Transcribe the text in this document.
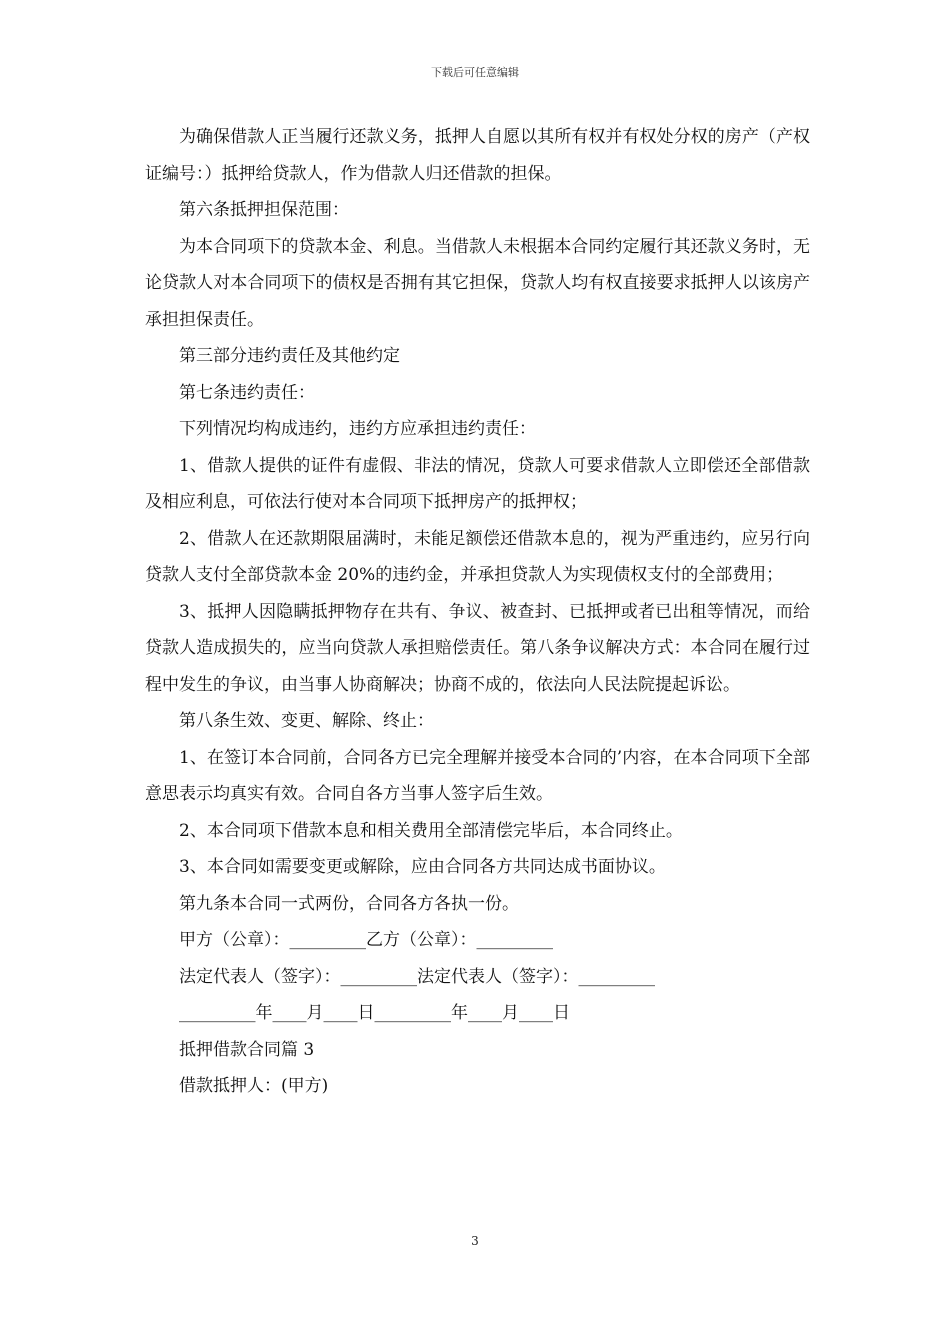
下载后可任意编辑

为确保借款人正当履行还款义务，抵押人自愿以其所有权并有权处分权的房产（产权证编号：）抵押给贷款人，作为借款人归还借款的担保。

第六条抵押担保范围：

为本合同项下的贷款本金、利息。当借款人未根据本合同约定履行其还款义务时，无论贷款人对本合同项下的债权是否拥有其它担保，贷款人均有权直接要求抵押人以该房产承担担保责任。

第三部分违约责任及其他约定

第七条违约责任：

下列情况均构成违约，违约方应承担违约责任：

1、借款人提供的证件有虚假、非法的情况，贷款人可要求借款人立即偿还全部借款及相应利息，可依法行使对本合同项下抵押房产的抵押权；

2、借款人在还款期限届满时，未能足额偿还借款本息的，视为严重违约，应另行向贷款人支付全部贷款本金 20%的违约金，并承担贷款人为实现债权支付的全部费用；

3、抵押人因隐瞒抵押物存在共有、争议、被查封、已抵押或者已出租等情况，而给贷款人造成损失的，应当向贷款人承担赔偿责任。第八条争议解决方式：本合同在履行过程中发生的争议，由当事人协商解决；协商不成的，依法向人民法院提起诉讼。

第八条生效、变更、解除、终止：

1、在签订本合同前，合同各方已完全理解并接受本合同的’内容，在本合同项下全部意思表示均真实有效。合同自各方当事人签字后生效。

2、本合同项下借款本息和相关费用全部清偿完毕后，本合同终止。

3、本合同如需要变更或解除，应由合同各方共同达成书面协议。

第九条本合同一式两份，合同各方各执一份。

甲方（公章）：_________乙方（公章）：_________

法定代表人（签字）：_________法定代表人（签字）：_________

_________年____月____日_________年____月____日

抵押借款合同篇 3

借款抵押人：(甲方)

3
